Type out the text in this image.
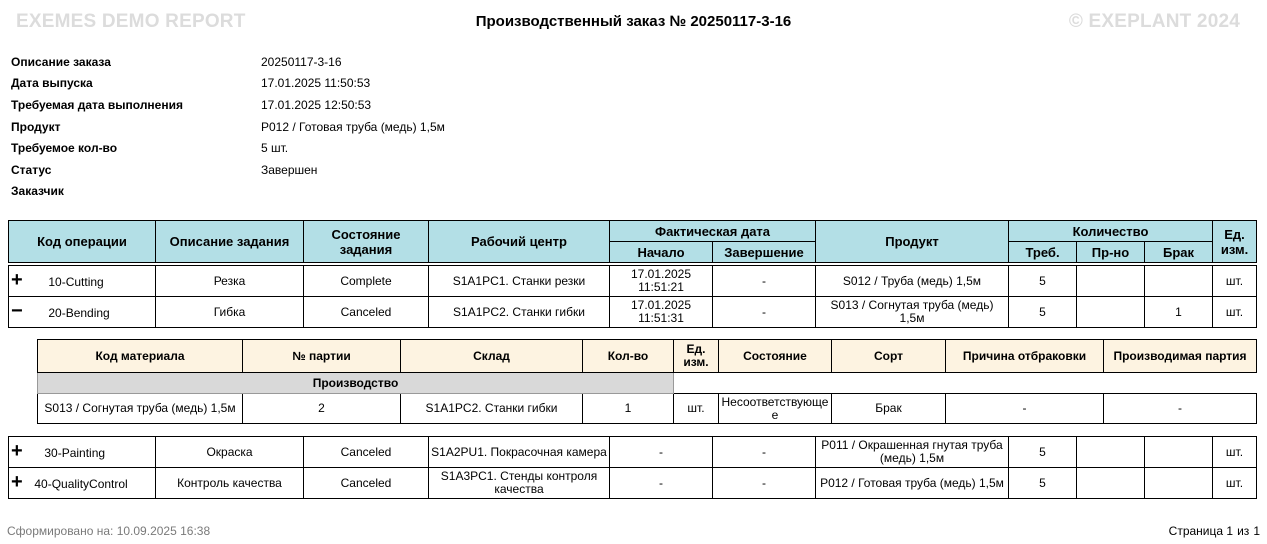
EXEMES DEMO REPORT	Производственный заказ № 20250117-3-16	© EXEPLANT 2024
Описание заказа	20250117-3-16
Дата выпуска	17.01.2025 11:50:53
Требуемая дата выполнения	17.01.2025 12:50:53
Продукт	P012 / Готовая труба (медь) 1,5м
Требуемое кол-во	5 шт.
Статус	Завершен
Заказчик	
Код операции	Описание задания	Состояние задания	Рабочий центр	Фактическая дата		Продукт	Количество			Ед. изм.
				Начало	Завершение		Треб.	Пр-но	Брак	
+ 10-Cutting	Резка	Complete	S1A1PC1. Станки резки	17.01.2025 11:51:21	-	S012 / Труба (медь) 1,5м	5			шт.
− 20-Bending	Гибка	Canceled	S1A1PC2. Станки гибки	17.01.2025 11:51:31	-	S013 / Согнутая труба (медь) 1,5м	5		1	шт.
Код материала	№ партии	Склад	Кол-во	Ед. изм.	Состояние	Сорт	Причина отбраковки	Производимая партия
Производство								
S013 / Согнутая труба (медь) 1,5м	2	S1A1PC2. Станки гибки	1	шт.	Несоответствующее	Брак	-	-
+ 30-Painting	Окраска	Canceled	S1A2PU1. Покрасочная камера	-	-	P011 / Окрашенная гнутая труба (медь) 1,5м	5			шт.
+ 40-QualityControl	Контроль качества	Canceled	S1A3PC1. Стенды контроля качества	-	-	P012 / Готовая труба (медь) 1,5м	5			шт.
Сформировано на: 10.09.2025 16:38	Страница 1 из 1
